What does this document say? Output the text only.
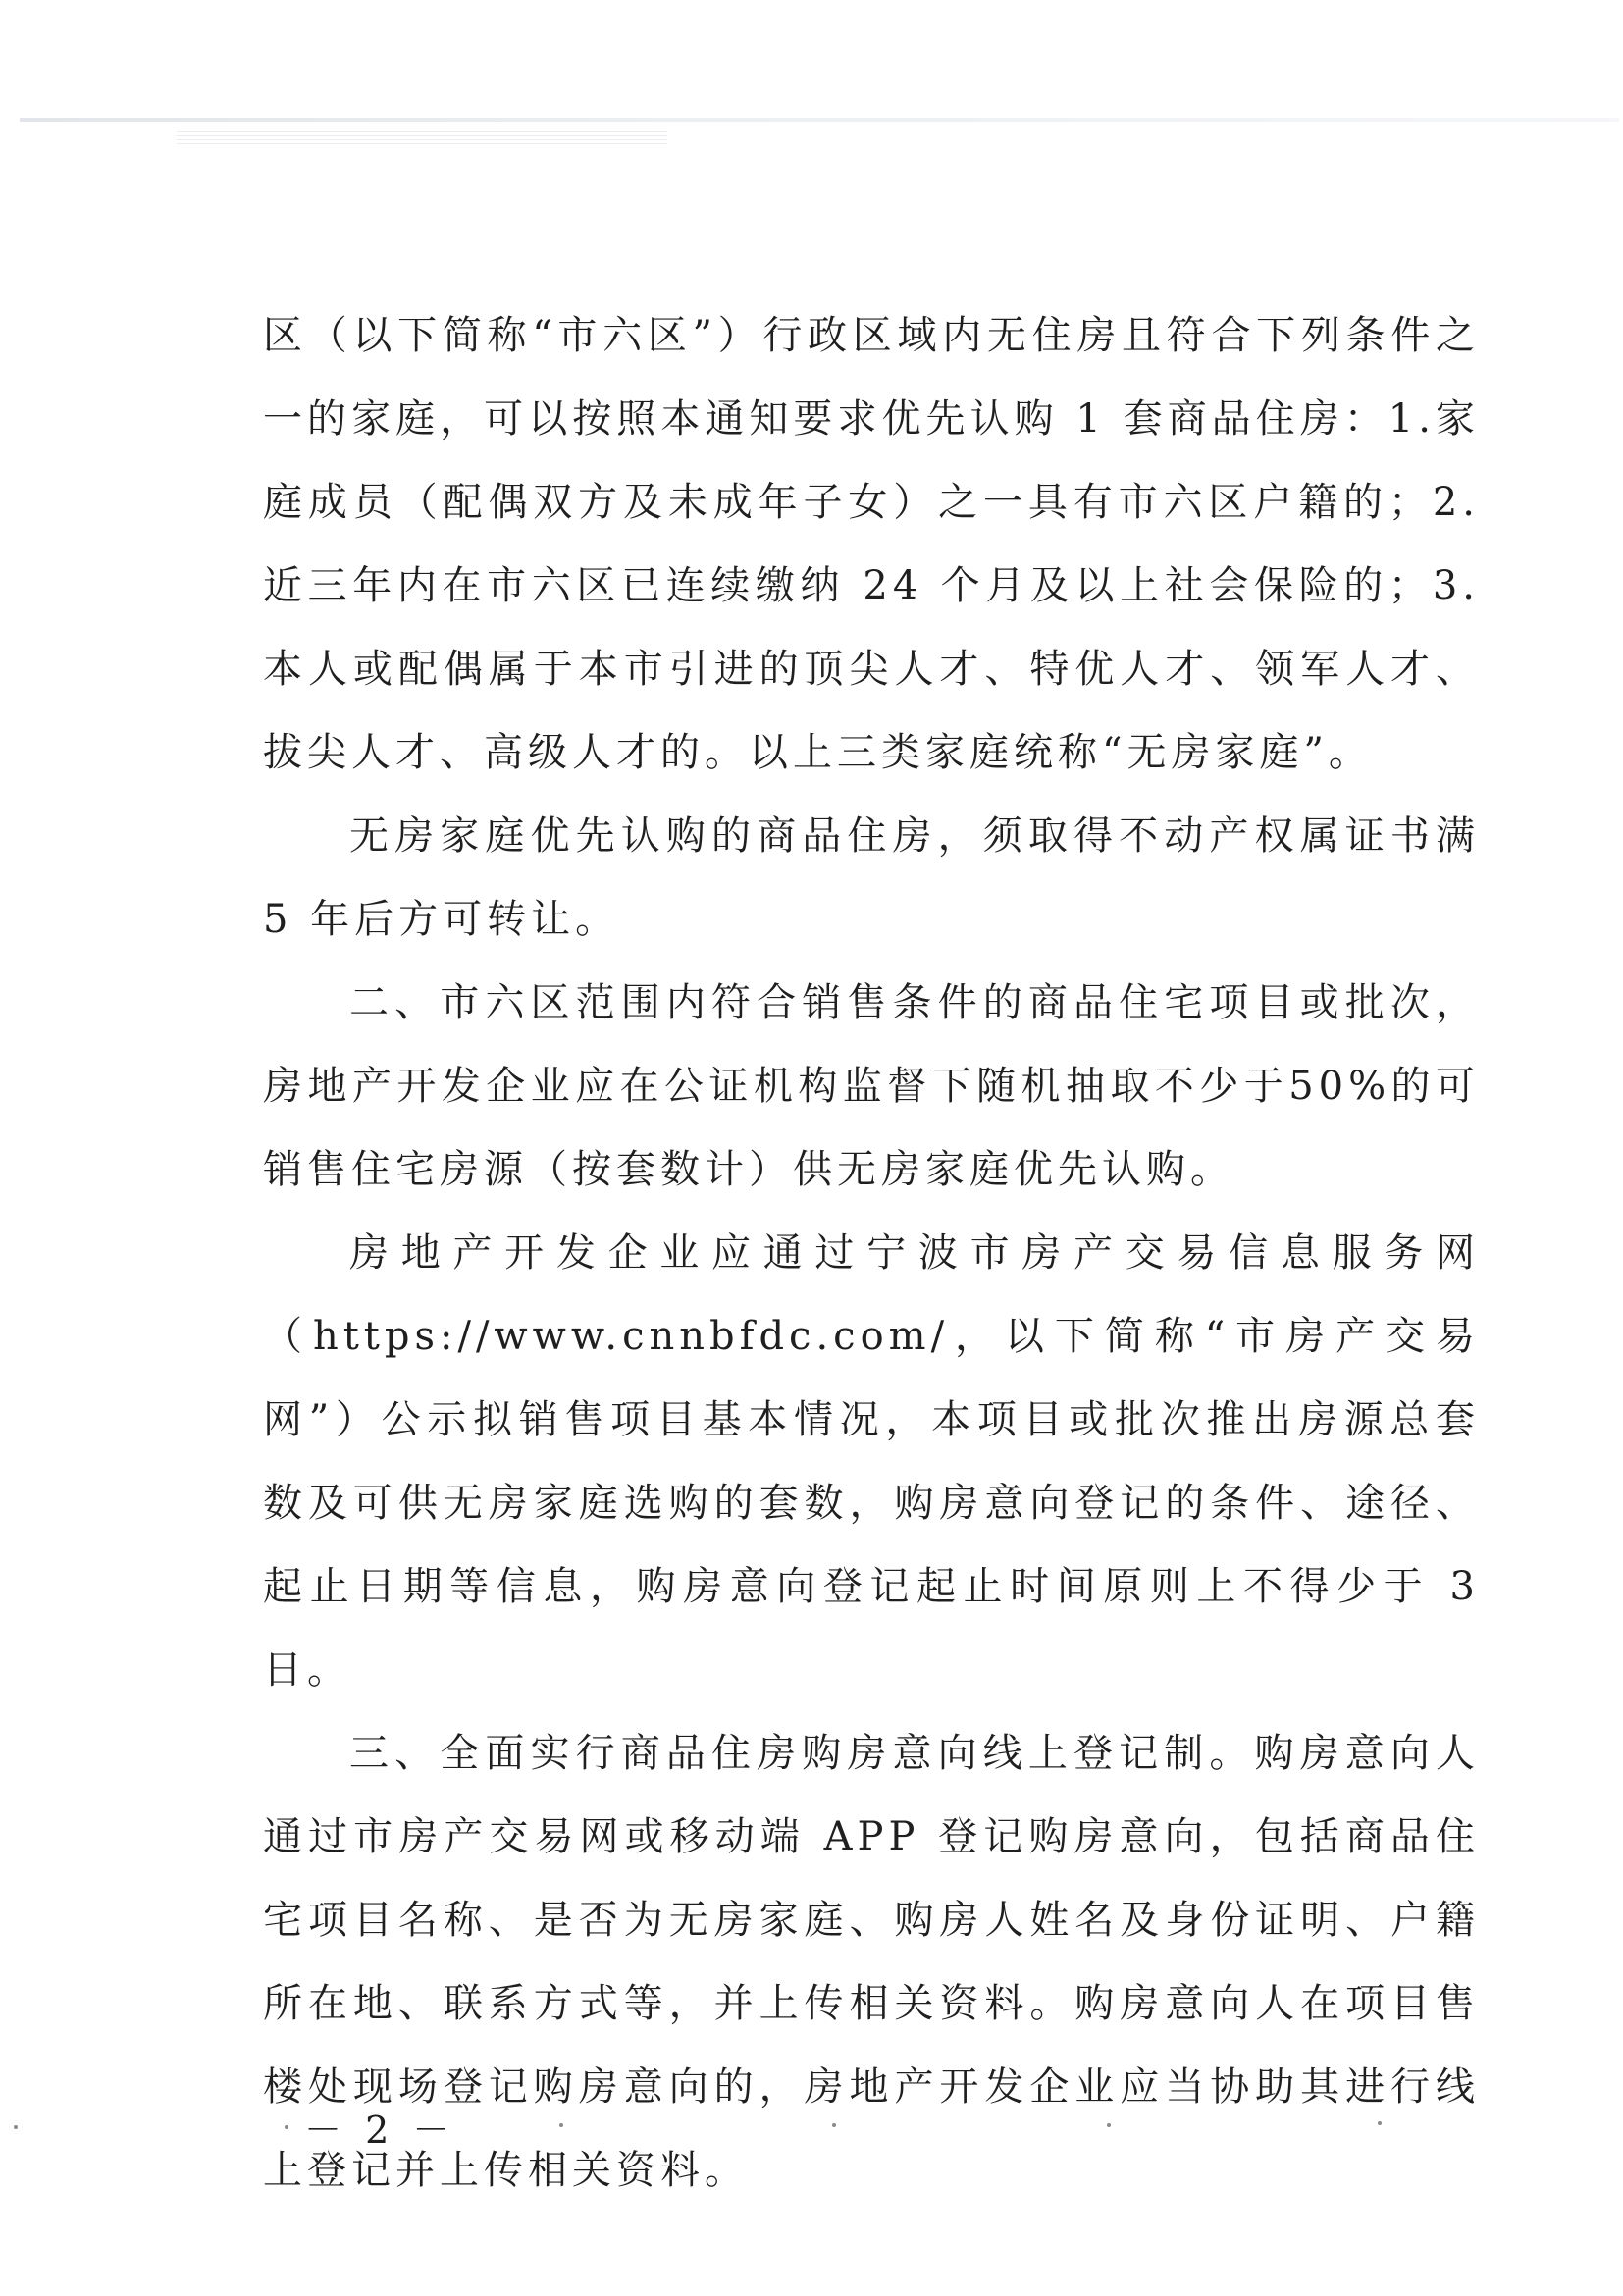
区（以下简称“市六区”）行政区域内无住房且符合下列条件之一的家庭，可以按照本通知要求优先认购 1 套商品住房：1.家庭成员（配偶双方及未成年子女）之一具有市六区户籍的；2.近三年内在市六区已连续缴纳 24 个月及以上社会保险的；3.本人或配偶属于本市引进的顶尖人才、特优人才、领军人才、拔尖人才、高级人才的。以上三类家庭统称“无房家庭”。

无房家庭优先认购的商品住房，须取得不动产权属证书满 5 年后方可转让。

二、市六区范围内符合销售条件的商品住宅项目或批次，房地产开发企业应在公证机构监督下随机抽取不少于50%的可销售住宅房源（按套数计）供无房家庭优先认购。

房地产开发企业应通过宁波市房产交易信息服务网（https://www.cnnbfdc.com/，以下简称“市房产交易网”）公示拟销售项目基本情况，本项目或批次推出房源总套数及可供无房家庭选购的套数，购房意向登记的条件、途径、起止日期等信息，购房意向登记起止时间原则上不得少于 3 日。

三、全面实行商品住房购房意向线上登记制。购房意向人通过市房产交易网或移动端 APP 登记购房意向，包括商品住宅项目名称、是否为无房家庭、购房人姓名及身份证明、户籍所在地、联系方式等，并上传相关资料。购房意向人在项目售楼处现场登记购房意向的，房地产开发企业应当协助其进行线上登记并上传相关资料。

－ 2 －
